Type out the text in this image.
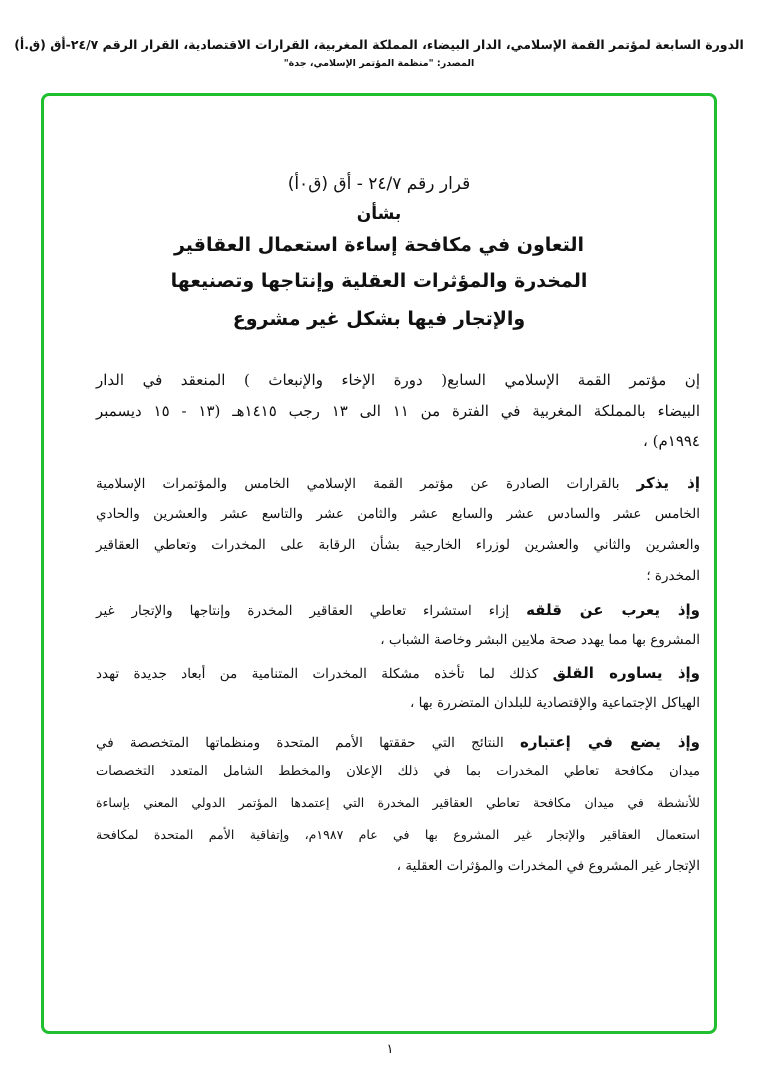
الدورة السابعة لمؤتمر القمة الإسلامي، الدار البيضاء، المملكة المغربية، القرارات الاقتصادية، القرار الرقم ٢٤/٧-أق (ق.أ)
المصدر: "منظمة المؤتمر الإسلامي، جدة"
قرار رقم ٢٤/٧ - أق (ق٠أ)
بشأن
التعاون في مكافحة إساءة استعمال العقاقير
المخدرة والمؤثرات العقلية وإنتاجها وتصنيعها
والإتجار فيها بشكل غير مشروع
إن مؤتمر القمة الإسلامي السابع( دورة الإخاء والإنبعاث ) المنعقد في الدار
البيضاء بالمملكة المغربية في الفترة من ١١ الى ١٣ رجب ١٤١٥هـ (١٣ - ١٥ ديسمبر
١٩٩٤م) ،
إذ يذكر بالقرارات الصادرة عن مؤتمر القمة الإسلامي الخامس والمؤتمرات الإسلامية
الخامس عشر والسادس عشر والسابع عشر والثامن عشر والتاسع عشر والعشرين والحادي
والعشرين والثاني والعشرين لوزراء الخارجية بشأن الرقابة على المخدرات وتعاطي العقاقير
المخدرة ؛
وإذ يعرب عن قلقه إزاء استشراء تعاطي العقاقير المخدرة وإنتاجها والإتجار غير
المشروع بها مما يهدد صحة ملايين البشر وخاصة الشباب ،
وإذ يساوره القلق كذلك لما تأخذه مشكلة المخدرات المتنامية من أبعاد جديدة تهدد
الهياكل الإجتماعية والإقتصادية للبلدان المتضررة بها ،
وإذ يضع في إعتباره النتائج التي حققتها الأمم المتحدة ومنظماتها المتخصصة في
ميدان مكافحة تعاطي المخدرات بما في ذلك الإعلان والمخطط الشامل المتعدد التخصصات
للأنشطة في ميدان مكافحة تعاطي العقاقير المخدرة التي إعتمدها المؤتمر الدولي المعني بإساءة
استعمال العقاقير والإتجار غير المشروع بها في عام ١٩٨٧م، وإتفاقية الأمم المتحدة لمكافحة
الإتجار غير المشروع في المخدرات والمؤثرات العقلية ،
١
